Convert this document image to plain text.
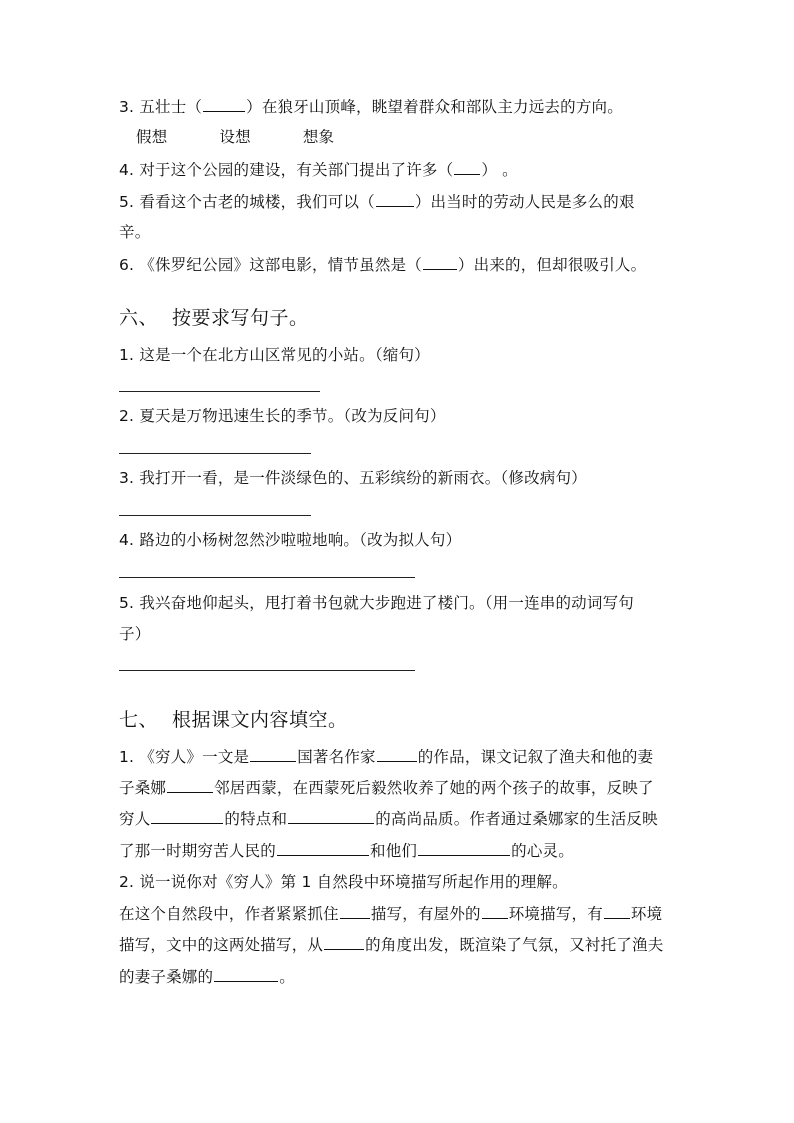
3. 五壮士（	）在狼牙山顶峰，眺望着群众和部队主力远去的方向。
假想	设想	想象
4. 对于这个公园的建设，有关部门提出了许多（ ） 。
5. 看看这个古老的城楼，我们可以（	）出当时的劳动人民是多么的艰
辛。
6. 《侏罗纪公园》这部电影，情节虽然是（ ）出来的，但却很吸引人。
六、 按要求写句子。
1. 这是一个在北方山区常见的小站。（缩句）
2. 夏天是万物迅速生长的季节。（改为反问句）
3. 我打开一看，是一件淡绿色的、五彩缤纷的新雨衣。（修改病句）
4. 路边的小杨树忽然沙啦啦地响。（改为拟人句）
5. 我兴奋地仰起头，甩打着书包就大步跑进了楼门。（用一连串的动词写句
子）
七、 根据课文内容填空。
1. 《穷人》一文是	国著名作家	的作品，课文记叙了渔夫和他的妻
子桑娜	邻居西蒙，在西蒙死后毅然收养了她的两个孩子的故事，反映了
穷人	的特点和	的高尚品质。作者通过桑娜家的生活反映
了那一时期穷苦人民的	和他们	的心灵。
2. 说一说你对《穷人》第 1 自然段中环境描写所起作用的理解。
在这个自然段中，作者紧紧抓住 描写，有屋外的 环境描写，有 环境
描写，文中的这两处描写，从	的角度出发，既渲染了气氛，又衬托了渔夫
的妻子桑娜的	。
